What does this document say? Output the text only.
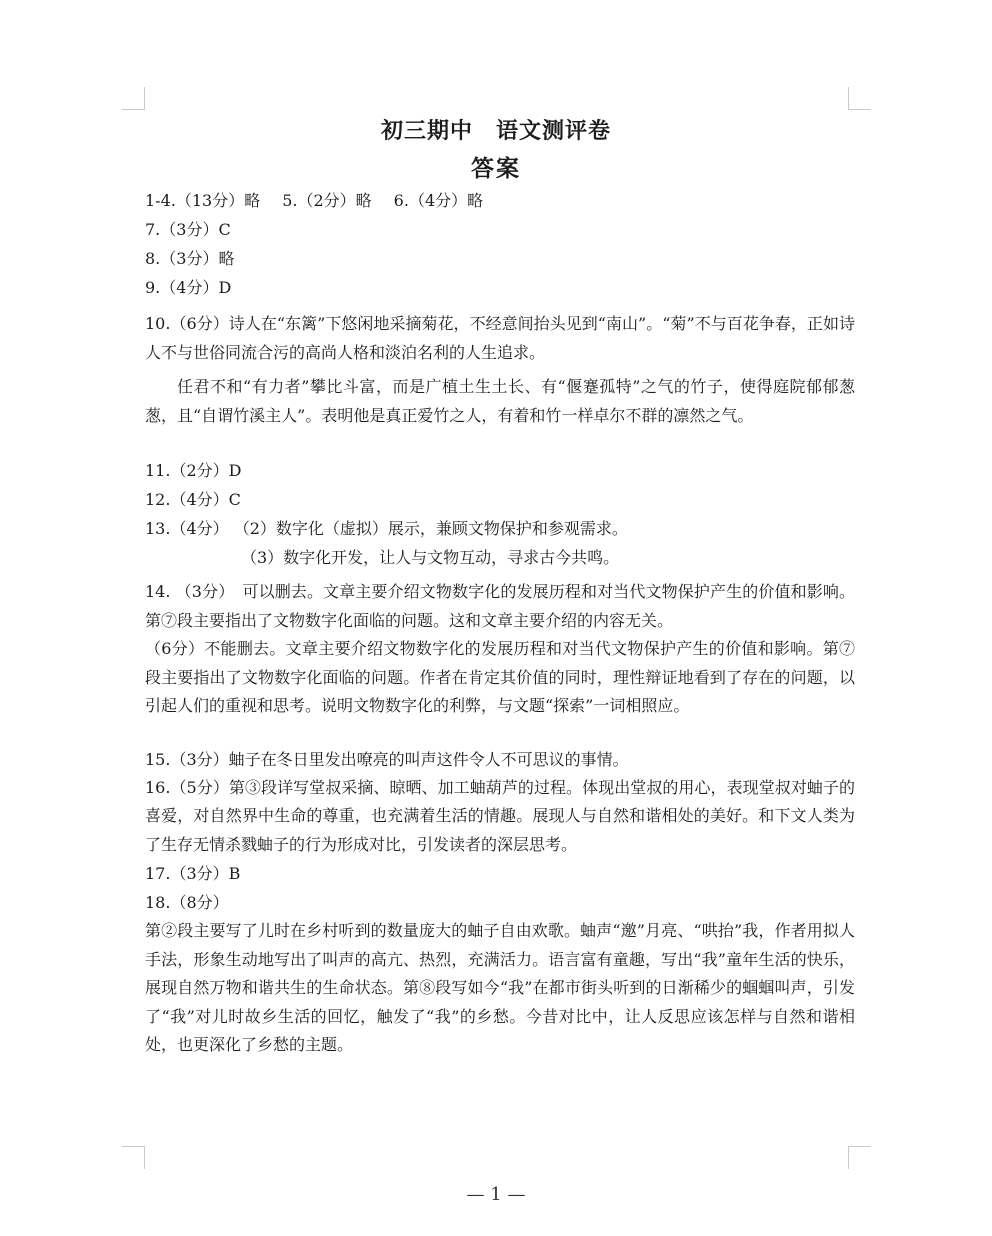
初三期中　语文测评卷
答案
1-4.（13分）略 5.（2分）略 6.（4分）略
7.（3分）C
8.（3分）略
9.（4分）D
10.（6分）诗人在“东篱”下悠闲地采摘菊花，不经意间抬头见到“南山”。“菊”不与百花争春，正如诗人不与世俗同流合污的高尚人格和淡泊名利的人生追求。
任君不和“有力者”攀比斗富，而是广植土生土长、有“偃蹇孤特”之气的竹子，使得庭院郁郁葱葱，且“自谓竹溪主人”。表明他是真正爱竹之人，有着和竹一样卓尔不群的凛然之气。
11.（2分）D
12.（4分）C
13.（4分） （2）数字化（虚拟）展示，兼顾文物保护和参观需求。
（3）数字化开发，让人与文物互动，寻求古今共鸣。
14. （3分）　可以删去。文章主要介绍文物数字化的发展历程和对当代文物保护产生的价值和影响。第⑦段主要指出了文物数字化面临的问题。这和文章主要介绍的内容无关。
（6分）不能删去。文章主要介绍文物数字化的发展历程和对当代文物保护产生的价值和影响。第⑦段主要指出了文物数字化面临的问题。作者在肯定其价值的同时，理性辩证地看到了存在的问题，以引起人们的重视和思考。说明文物数字化的利弊，与文题“探索”一词相照应。
15.（3分）蚰子在冬日里发出嘹亮的叫声这件令人不可思议的事情。
16.（5分）第③段详写堂叔采摘、晾晒、加工蚰葫芦的过程。体现出堂叔的用心，表现堂叔对蚰子的喜爱，对自然界中生命的尊重，也充满着生活的情趣。展现人与自然和谐相处的美好。和下文人类为了生存无情杀戮蚰子的行为形成对比，引发读者的深层思考。
17.（3分）B
18.（8分）
第②段主要写了儿时在乡村听到的数量庞大的蚰子自由欢歌。蚰声“邀”月亮、“哄抬”我，作者用拟人手法，形象生动地写出了叫声的高亢、热烈，充满活力。语言富有童趣，写出“我”童年生活的快乐，展现自然万物和谐共生的生命状态。第⑧段写如今“我”在都市街头听到的日渐稀少的蝈蝈叫声，引发了“我”对儿时故乡生活的回忆，触发了“我”的乡愁。今昔对比中，让人反思应该怎样与自然和谐相处，也更深化了乡愁的主题。
— 1 —
